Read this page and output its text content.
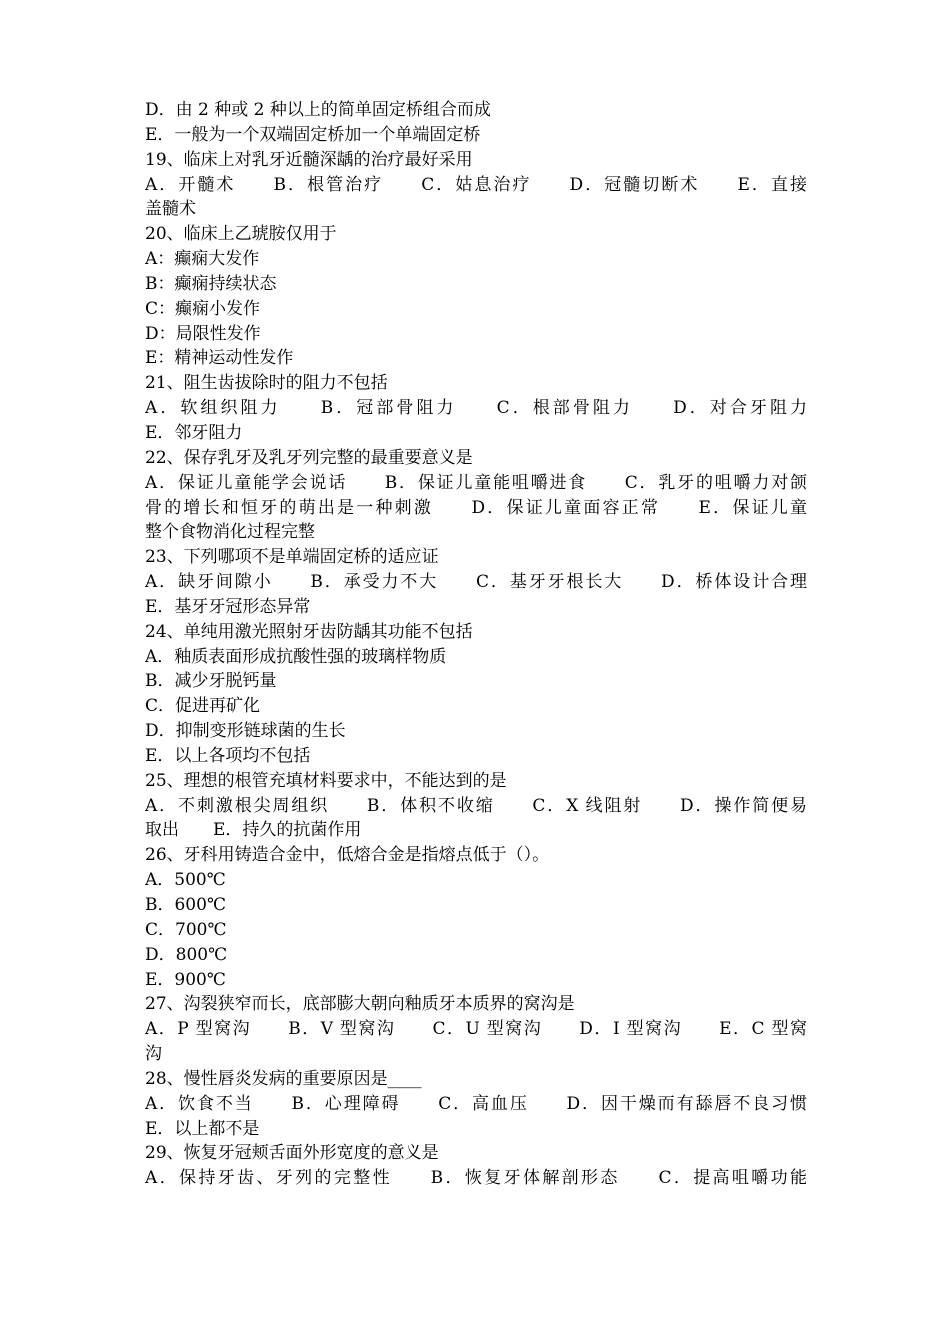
D．由 2 种或 2 种以上的简单固定桥组合而成
E．一般为一个双端固定桥加一个单端固定桥
19、临床上对乳牙近髓深龋的治疗最好采用
A．开髓术　　B．根管治疗　　C．姑息治疗　　D．冠髓切断术　　E．直接
盖髓术
20、临床上乙琥胺仅用于
A：癫痫大发作
B：癫痫持续状态
C：癫痫小发作
D：局限性发作
E：精神运动性发作
21、阻生齿拔除时的阻力不包括
A．软组织阻力　　B．冠部骨阻力　　C．根部骨阻力　　D．对合牙阻力
E．邻牙阻力
22、保存乳牙及乳牙列完整的最重要意义是
A．保证儿童能学会说话　　B．保证儿童能咀嚼进食　　C．乳牙的咀嚼力对颌
骨的增长和恒牙的萌出是一种刺激　　D．保证儿童面容正常　　E．保证儿童
整个食物消化过程完整
23、下列哪项不是单端固定桥的适应证
A．缺牙间隙小　　B．承受力不大　　C．基牙牙根长大　　D．桥体设计合理
E．基牙牙冠形态异常
24、单纯用激光照射牙齿防龋其功能不包括
A．釉质表面形成抗酸性强的玻璃样物质
B．减少牙脱钙量
C．促进再矿化
D．抑制变形链球菌的生长
E．以上各项均不包括
25、理想的根管充填材料要求中，不能达到的是
A．不刺激根尖周组织　　B．体积不收缩　　C．X 线阻射　　D．操作简便易
取出　　E．持久的抗菌作用
26、牙科用铸造合金中，低熔合金是指熔点低于（）。
A．500℃
B．600℃
C．700℃
D．800℃
E．900℃
27、沟裂狭窄而长，底部膨大朝向釉质牙本质界的窝沟是
A．P 型窝沟　　B．V 型窝沟　　C．U 型窝沟　　D．I 型窝沟　　E．C 型窝
沟
28、慢性唇炎发病的重要原因是____
A．饮食不当　　B．心理障碍　　C．高血压　　D．因干燥而有舔唇不良习惯
E．以上都不是
29、恢复牙冠颊舌面外形宽度的意义是
A．保持牙齿、牙列的完整性　　B．恢复牙体解剖形态　　C．提高咀嚼功能
